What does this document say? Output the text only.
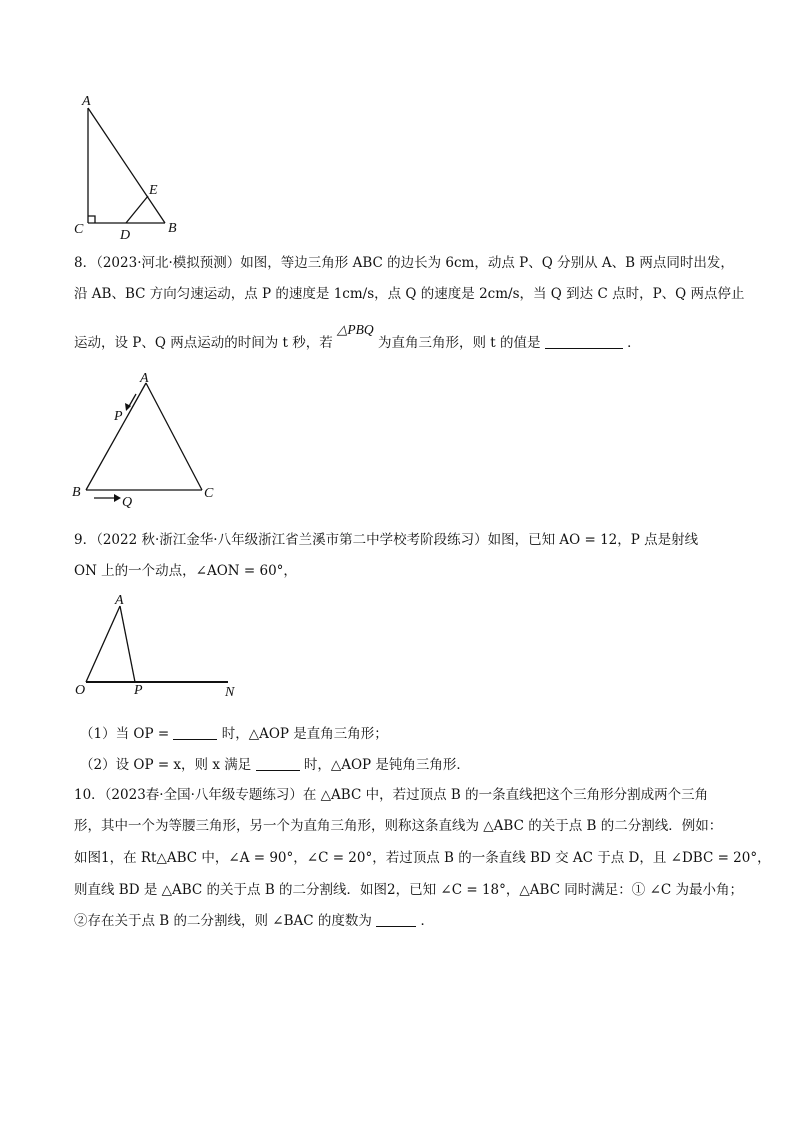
A
E
C	D	B
8．（2023·河北·模拟预测）如图，等边三角形 ABC 的边长为 6cm，动点 P、Q 分别从 A、B 两点同时出发，
沿 AB、BC 方向匀速运动，点 P 的速度是 1cm/s，点 Q 的速度是 2cm/s，当 Q 到达 C 点时，P、Q 两点停止
运动，设 P、Q 两点运动的时间为 t 秒，若 △PBQ 为直角三角形，则 t 的值是	．
A
P
B
Q
C
9．（2022 秋·浙江金华·八年级浙江省兰溪市第二中学校考阶段练习）如图，已知 AO = 12，P 点是射线
ON 上的一个动点，∠AON = 60°，
A
O	P	N
（1）当 OP =	时，△AOP 是直角三角形；
（2）设 OP = x，则 x 满足	时，△AOP 是钝角三角形．
10．（2023春·全国·八年级专题练习）在 △ABC 中，若过顶点 B 的一条直线把这个三角形分割成两个三角
形，其中一个为等腰三角形，另一个为直角三角形，则称这条直线为 △ABC 的关于点 B 的二分割线．例如：
如图1，在 Rt△ABC 中，∠A = 90°，∠C = 20°，若过顶点 B 的一条直线 BD 交 AC 于点 D，且 ∠DBC = 20°，
则直线 BD 是 △ABC 的关于点 B 的二分割线．如图2，已知 ∠C = 18°，△ABC 同时满足：① ∠C 为最小角；
②存在关于点 B 的二分割线，则 ∠BAC 的度数为	．
